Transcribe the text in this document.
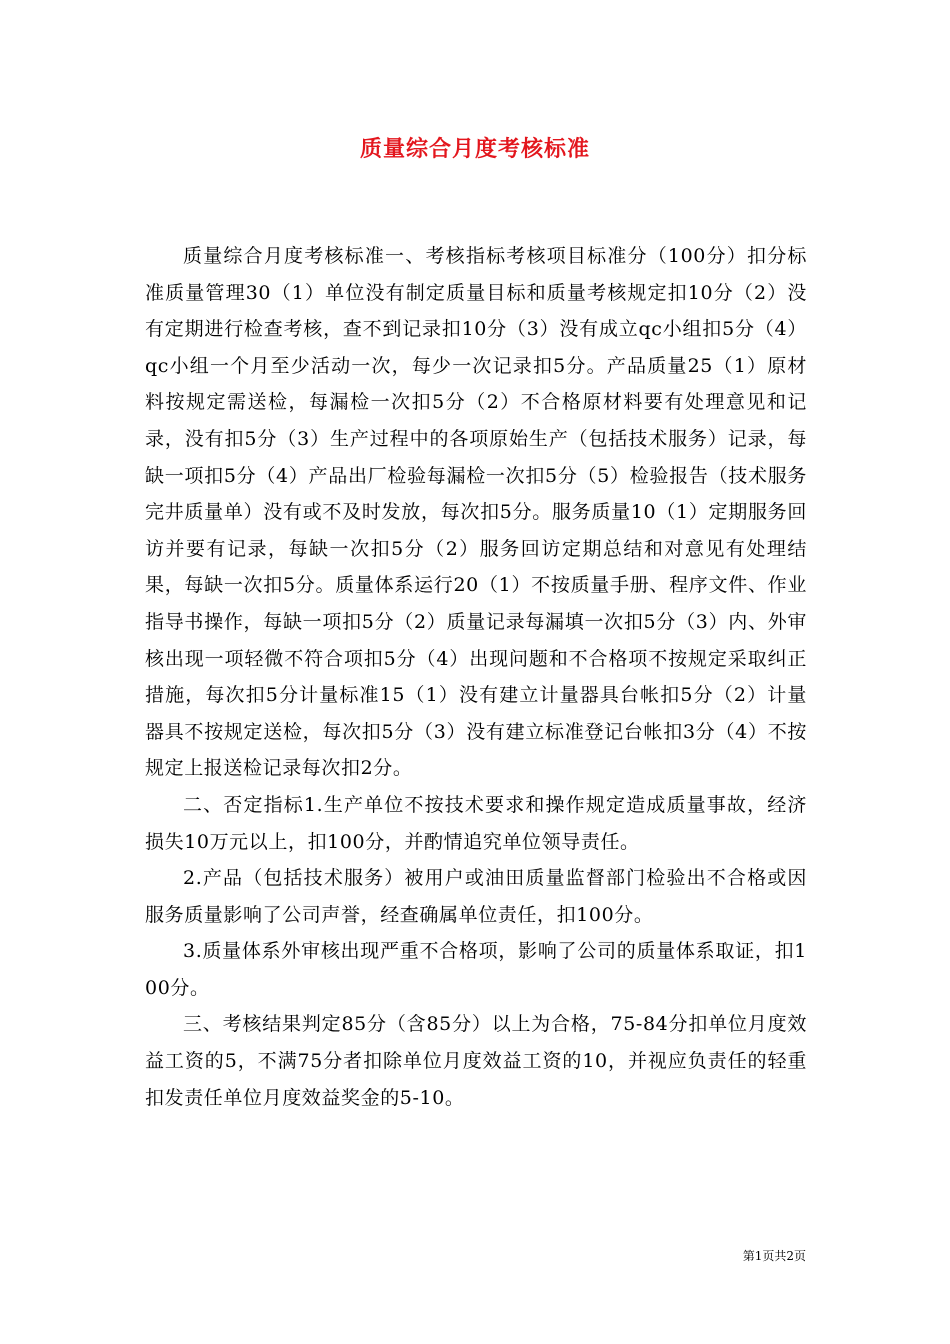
质量综合月度考核标准

质量综合月度考核标准一、考核指标考核项目标准分（100分）扣分标准质量管理30（1）单位没有制定质量目标和质量考核规定扣10分（2）没有定期进行检查考核，查不到记录扣10分（3）没有成立qc小组扣5分（4）qc小组一个月至少活动一次，每少一次记录扣5分。产品质量25（1）原材料按规定需送检，每漏检一次扣5分（2）不合格原材料要有处理意见和记录，没有扣5分（3）生产过程中的各项原始生产（包括技术服务）记录，每缺一项扣5分（4）产品出厂检验每漏检一次扣5分（5）检验报告（技术服务完井质量单）没有或不及时发放，每次扣5分。服务质量10（1）定期服务回访并要有记录，每缺一次扣5分（2）服务回访定期总结和对意见有处理结果，每缺一次扣5分。质量体系运行20（1）不按质量手册、程序文件、作业指导书操作，每缺一项扣5分（2）质量记录每漏填一次扣5分（3）内、外审核出现一项轻微不符合项扣5分（4）出现问题和不合格项不按规定采取纠正措施，每次扣5分计量标准15（1）没有建立计量器具台帐扣5分（2）计量器具不按规定送检，每次扣5分（3）没有建立标准登记台帐扣3分（4）不按规定上报送检记录每次扣2分。

二、否定指标1.生产单位不按技术要求和操作规定造成质量事故，经济损失10万元以上，扣100分，并酌情追究单位领导责任。

2.产品（包括技术服务）被用户或油田质量监督部门检验出不合格或因服务质量影响了公司声誉，经查确属单位责任，扣100分。

3.质量体系外审核出现严重不合格项，影响了公司的质量体系取证，扣100分。

三、考核结果判定85分（含85分）以上为合格，75-84分扣单位月度效益工资的5，不满75分者扣除单位月度效益工资的10，并视应负责任的轻重扣发责任单位月度效益奖金的5-10。

第1页共2页
